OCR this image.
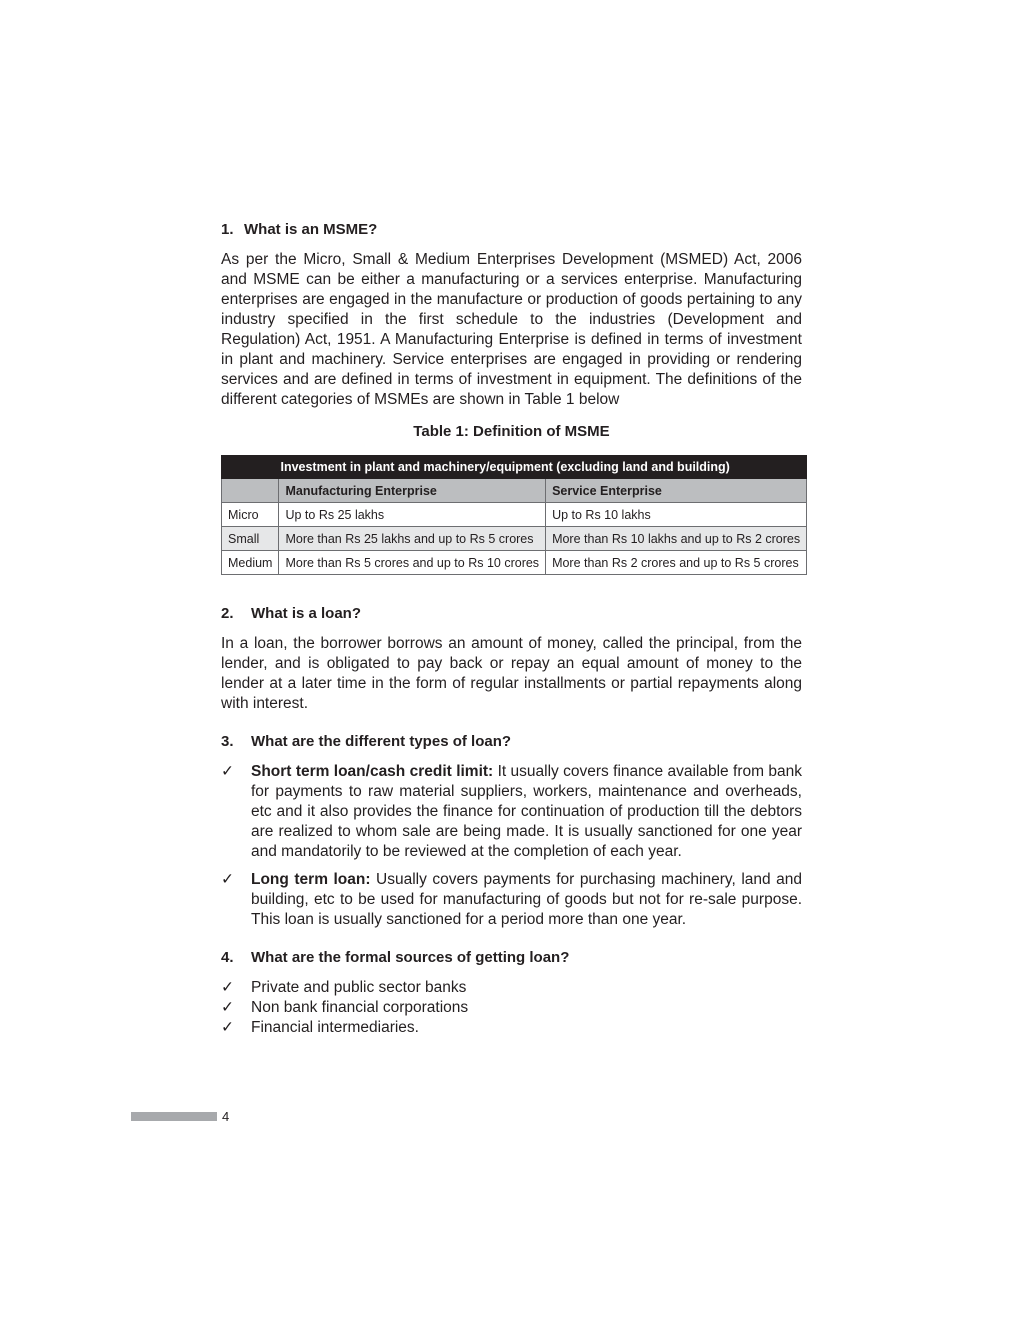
1. What is an MSME?

As per the Micro, Small & Medium Enterprises Development (MSMED) Act, 2006 and MSME can be either a manufacturing or a services enterprise. Manufacturing enterprises are engaged in the manufacture or production of goods pertaining to any industry specified in the first schedule to the industries (Development and Regulation) Act, 1951. A Manufacturing Enterprise is defined in terms of investment in plant and machinery. Service enterprises are engaged in providing or rendering services and are defined in terms of investment in equipment. The definitions of the different categories of MSMEs are shown in Table 1 below

Table 1: Definition of MSME
	Investment in plant and machinery/equipment (excluding land and building)	
	Manufacturing Enterprise	Service Enterprise
Micro	Up to Rs 25 lakhs	Up to Rs 10 lakhs
Small	More than Rs 25 lakhs and up to Rs 5 crores	More than Rs 10 lakhs and up to Rs 2 crores
Medium	More than Rs 5 crores and up to Rs 10 crores	More than Rs 2 crores and up to Rs 5 crores
2. What is a loan?

In a loan, the borrower borrows an amount of money, called the principal, from the lender, and is obligated to pay back or repay an equal amount of money to the lender at a later time in the form of regular installments or partial repayments along with interest.

3. What are the different types of loan?
✓ Short term loan/cash credit limit: It usually covers finance available from bank for payments to raw material suppliers, workers, maintenance and overheads, etc and it also provides the finance for continuation of production till the debtors are realized to whom sale are being made. It is usually sanctioned for one year and mandatorily to be reviewed at the completion of each year.
✓ Long term loan: Usually covers payments for purchasing machinery, land and building, etc to be used for manufacturing of goods but not for re-sale purpose. This loan is usually sanctioned for a period more than one year.
4. What are the formal sources of getting loan?
✓ Private and public sector banks
✓ Non bank financial corporations
✓ Financial intermediaries.
4
